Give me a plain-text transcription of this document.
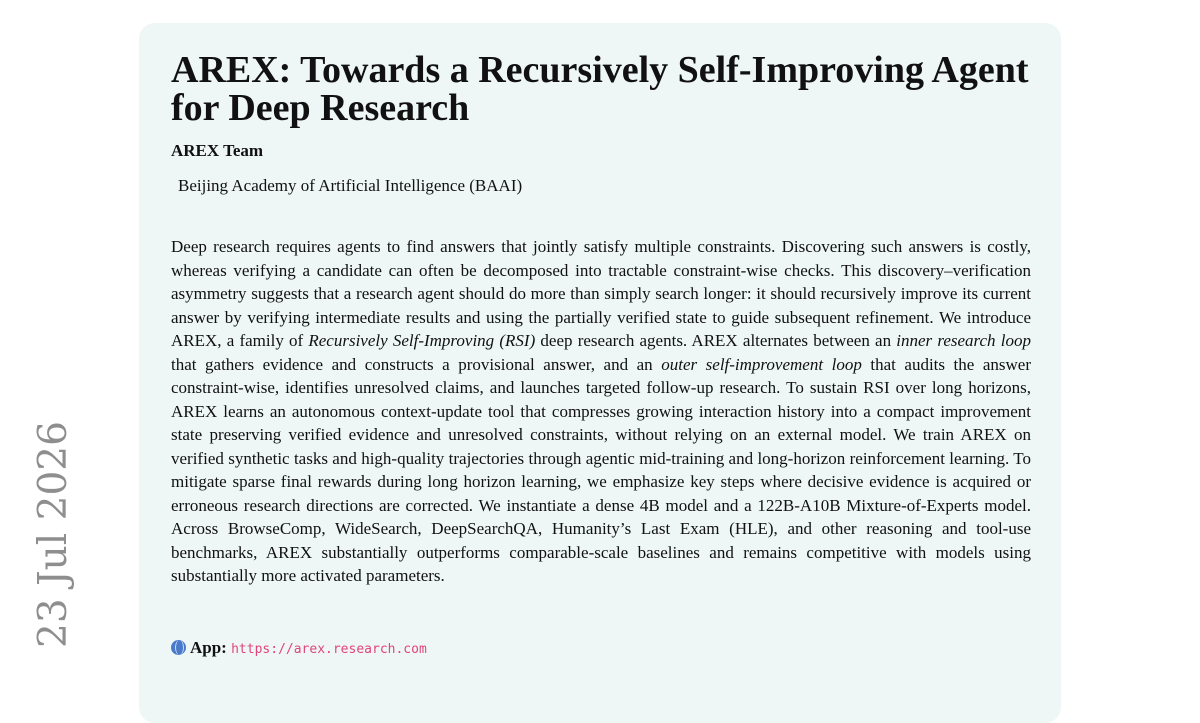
23 Jul 2026
AREX: Towards a Recursively Self-Improving Agent for Deep Research

AREX Team

Beijing Academy of Artificial Intelligence (BAAI)

Deep research requires agents to find answers that jointly satisfy multiple constraints. Discovering such answers is costly, whereas verifying a candidate can often be decomposed into tractable constraint-wise checks. This discovery–verification asymmetry suggests that a research agent should do more than simply search longer: it should recursively improve its current answer by verifying intermediate results and using the partially verified state to guide subsequent refinement. We introduce AREX, a family of Recursively Self-Improving (RSI) deep research agents. AREX alternates between an inner research loop that gathers evidence and constructs a provisional answer, and an outer self-improvement loop that audits the answer constraint-wise, identifies unresolved claims, and launches targeted follow-up research. To sustain RSI over long horizons, AREX learns an autonomous context-update tool that compresses growing interaction history into a compact improvement state preserving verified evidence and unresolved constraints, without relying on an external model. We train AREX on verified synthetic tasks and high-quality trajectories through agentic mid-training and long-horizon reinforcement learning. To mitigate sparse final rewards during long horizon learning, we emphasize key steps where decisive evidence is acquired or erroneous research directions are corrected. We instantiate a dense 4B model and a 122B-A10B Mixture-of-Experts model. Across BrowseComp, WideSearch, DeepSearchQA, Humanity’s Last Exam (HLE), and other reasoning and tool-use benchmarks, AREX substantially outperforms comparable-scale baselines and remains competitive with models using substantially more activated parameters.

App: https://arex.research.com
